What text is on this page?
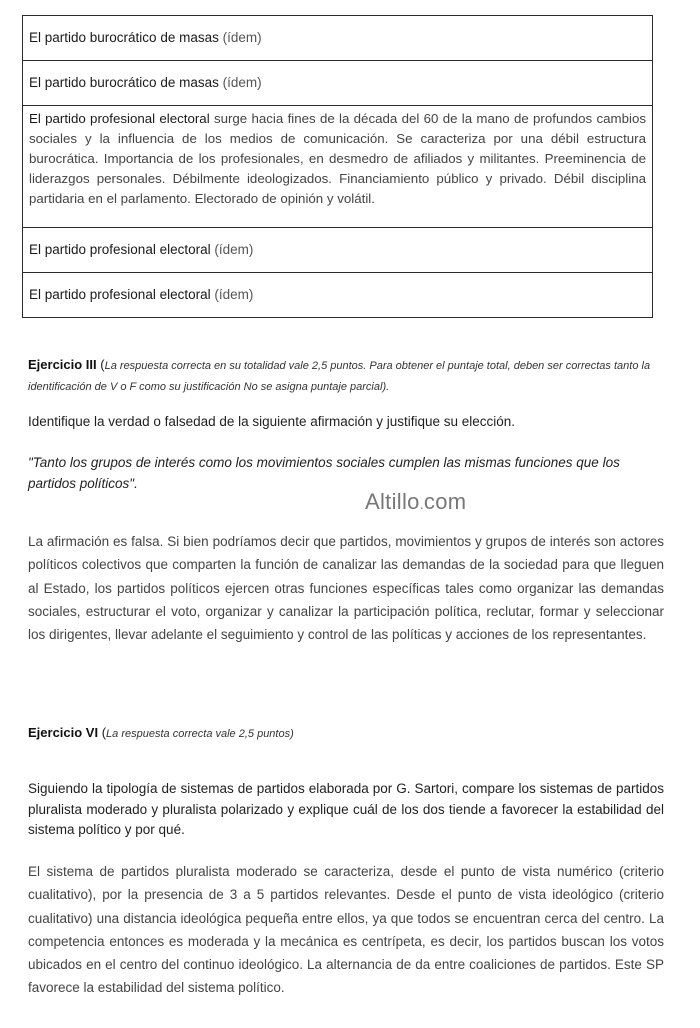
El partido burocrático de masas (ídem)
El partido burocrático de masas (ídem)
El partido profesional electoral surge hacia fines de la década del 60 de la mano de profundos cambios sociales y la influencia de los medios de comunicación. Se caracteriza por una débil estructura burocrática. Importancia de los profesionales, en desmedro de afiliados y militantes. Preeminencia de liderazgos personales. Débilmente ideologizados. Financiamiento público y privado. Débil disciplina partidaria en el parlamento. Electorado de opinión y volátil.
El partido profesional electoral (ídem)
El partido profesional electoral (ídem)
Ejercicio III (La respuesta correcta en su totalidad vale 2,5 puntos. Para obtener el puntaje total, deben ser correctas tanto la identificación de V o F como su justificación No se asigna puntaje parcial).
Identifique la verdad o falsedad de la siguiente afirmación y justifique su elección.
"Tanto los grupos de interés como los movimientos sociales cumplen las mismas funciones que los partidos políticos".
Altillo.com
La afirmación es falsa. Si bien podríamos decir que partidos, movimientos y grupos de interés son actores políticos colectivos que comparten la función de canalizar las demandas de la sociedad para que lleguen al Estado, los partidos políticos ejercen otras funciones específicas tales como organizar las demandas sociales, estructurar el voto, organizar y canalizar la participación política, reclutar, formar y seleccionar los dirigentes, llevar adelante el seguimiento y control de las políticas y acciones de los representantes.
Ejercicio VI (La respuesta correcta vale 2,5 puntos)
Siguiendo la tipología de sistemas de partidos elaborada por G. Sartori, compare los sistemas de partidos pluralista moderado y pluralista polarizado y explique cuál de los dos tiende a favorecer la estabilidad del sistema político y por qué.
El sistema de partidos pluralista moderado se caracteriza, desde el punto de vista numérico (criterio cualitativo), por la presencia de 3 a 5 partidos relevantes. Desde el punto de vista ideológico (criterio cualitativo) una distancia ideológica pequeña entre ellos, ya que todos se encuentran cerca del centro. La competencia entonces es moderada y la mecánica es centrípeta, es decir, los partidos buscan los votos ubicados en el centro del continuo ideológico. La alternancia de da entre coaliciones de partidos. Este SP favorece la estabilidad del sistema político.
